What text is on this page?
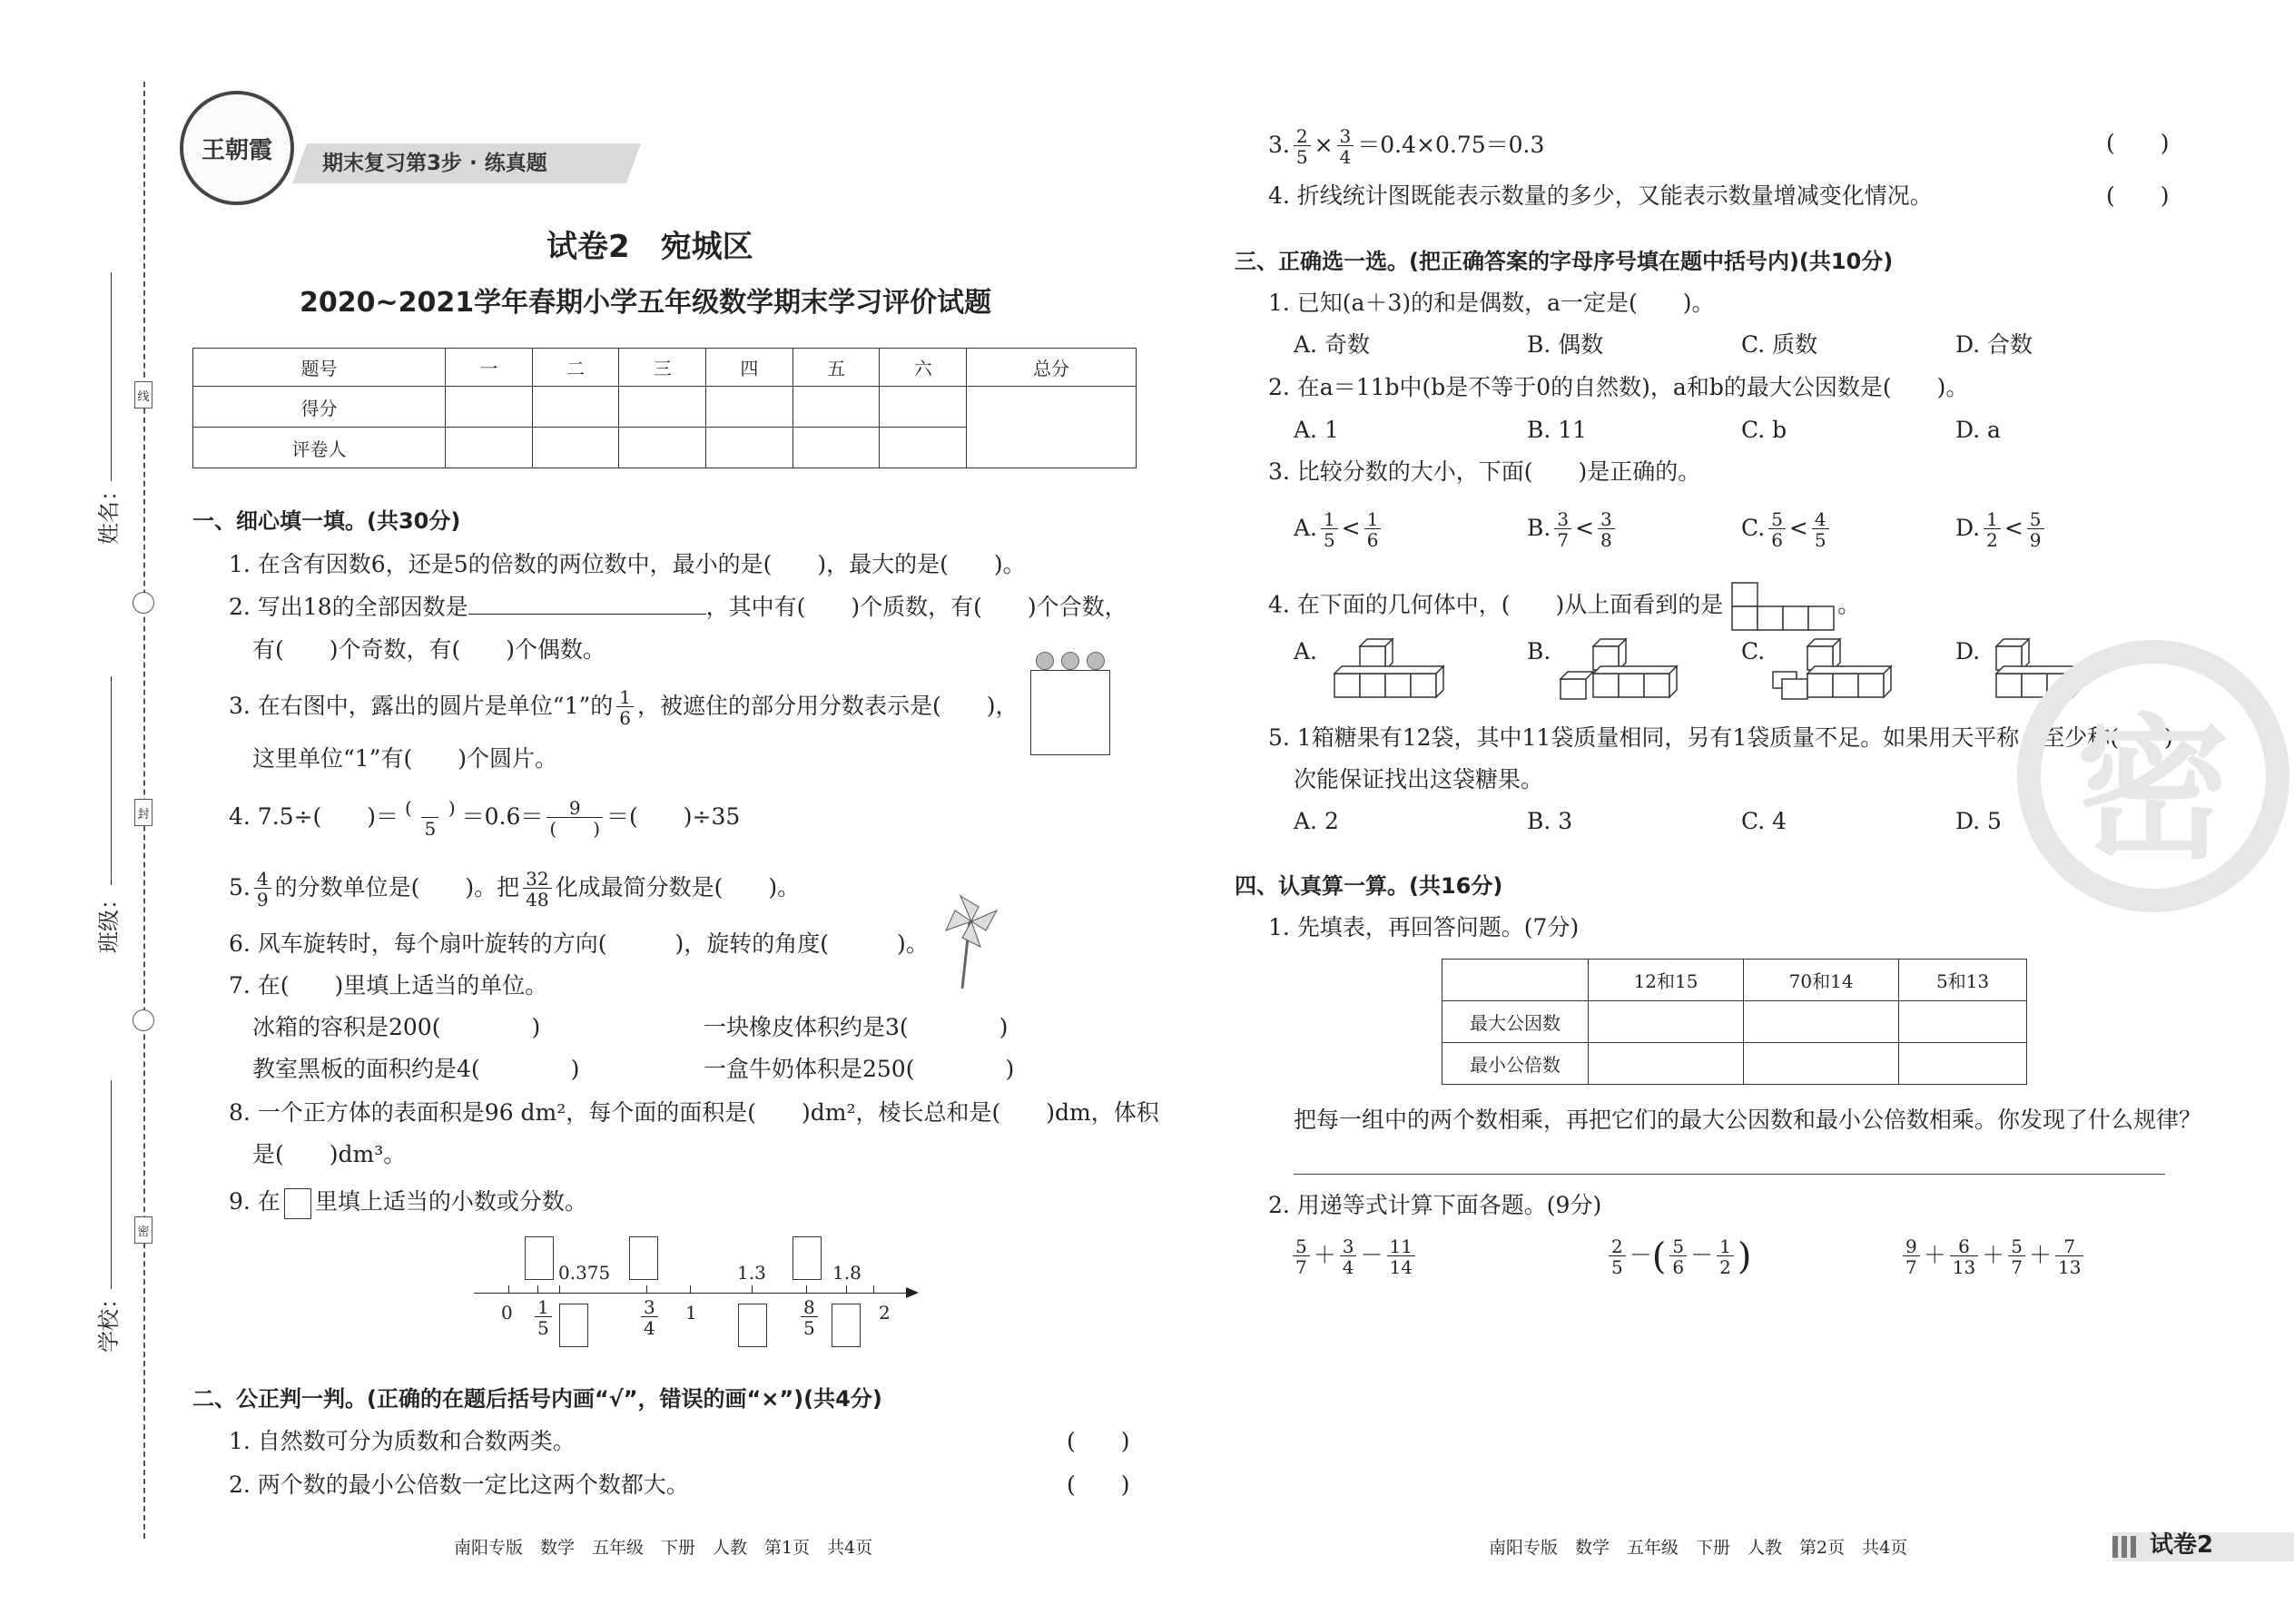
线
封
密
姓名：
班级：
学校：
王朝霞 期末复习第3步 · 练真题
试卷2　宛城区
2020~2021学年春期小学五年级数学期末学习评价试题
题号	一	二	三	四	五	六	总分
得分							
评卷人							
一、细心填一填。(共30分)
1. 在含有因数6，还是5的倍数的两位数中，最小的是(　　)，最大的是(　　)。
2. 写出18的全部因数是	，其中有(　　)个质数，有(　　)个合数，
有(　　)个奇数，有(　　)个偶数。
3. 在右图中，露出的圆片是单位“1”的 $\frac{1}{6}$ ，被遮住的部分用分数表示是(　　)，
这里单位“1”有(　　)个圆片。
4. 7.5÷(　　)＝ $\frac{( )}{5} =0.6= \frac{9}{( )}$ ＝(　　)÷35
5. $\frac{4}{9}$ 的分数单位是(　　)。把 $\frac{32}{48}$ 化成最简分数是(　　)。
6. 风车旋转时，每个扇叶旋转的方向(　　　)，旋转的角度(　　　)。
7. 在(　　)里填上适当的单位。
冰箱的容积是200(　　　　)	一块橡皮体积约是3(　　　　)
教室黑板的面积约是4(　　　　)	一盒牛奶体积是250(　　　　)
8. 一个正方体的表面积是96 dm²，每个面的面积是(　　)dm²，棱长总和是(　　)dm，体积
是(　　)dm³。
9. 在 里填上适当的小数或分数。
0.375	1.3	1.8
$0 \frac{1}{5}$	$\frac{3}{4} 1$	$\frac{8}{5}$	2
二、公正判一判。(正确的在题后括号内画“√”，错误的画“×”)(共4分)
1. 自然数可分为质数和合数两类。	(　　)
2. 两个数的最小公倍数一定比这两个数都大。	(　　)
南阳专版　数学　五年级　下册　人教　第1页　共4页
3. $\frac{2}{5} \times \frac{3}{4} =0.4\times 0.75=0.3$	(　　)
4. 折线统计图既能表示数量的多少，又能表示数量增减变化情况。	(　　)
三、正确选一选。(把正确答案的字母序号填在题中括号内)(共10分)
1. 已知(a＋3)的和是偶数，a一定是(　　)。
A. 奇数	B. 偶数	C. 质数	D. 合数
2. 在a＝11b中(b是不等于0的自然数)，a和b的最大公因数是(　　)。
A. 1	B. 11	C. b	D. a
3. 比较分数的大小，下面(　　)是正确的。
A. $\frac{1}{5} < \frac{1}{6}$	B. $\frac{3}{7} < \frac{3}{8}$	C. $\frac{5}{6} < \frac{4}{5}$	D. $\frac{1}{2} < \frac{5}{9}$
4. 在下面的几何体中，(　　)从上面看到的是	。
A.	B.	C.	D.
5. 1箱糖果有12袋，其中11袋质量相同，另有1袋质量不足。如果用天平称，至少称(　　)
次能保证找出这袋糖果。
A. 2	B. 3	C. 4	D. 5 密
四、认真算一算。(共16分)
1. 先填表，再回答问题。(7分)
	12和15	70和14	5和13
最大公因数			
最小公倍数			
把每一组中的两个数相乘，再把它们的最大公因数和最小公倍数相乘。你发现了什么规律？
2. 用递等式计算下面各题。(9分)
$\frac{5}{7} + \frac{3}{4} - \frac{11}{14}$	$\frac{2}{5}$ －( $\frac{5}{6} - \frac{1}{2}$ )	$\frac{9}{7} + \frac{6}{13} + \frac{5}{7} + \frac{7}{13}$
南阳专版　数学　五年级　下册　人教　第2页　共4页	试卷2
